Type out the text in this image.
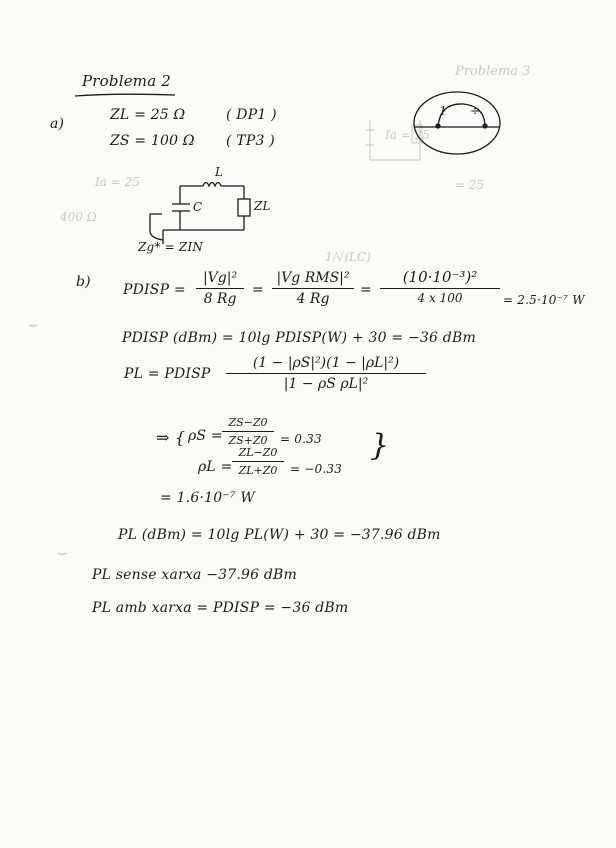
Problema 3
Ia = 25
Ia = 25	= 25
400 Ω
1/√(LC)
Problema 2
a)
ZL = 25 Ω	( DP1 )
ZS = 100 Ω ( TP3 )
1 ÷
L
C	ZL
Zg* = ZIN
b) PDISP =
|Vg|²
8 Rg
=
|Vg RMS|²
4 Rg
=
(10·10⁻³)²
4 x 100	= 2.5·10⁻⁷ W
PDISP (dBm) = 10lg PDISP(W) + 30 = −36 dBm
PL = PDISP
(1 − |ρS|²)(1 − |ρL|²)
|1 − ρS ρL|²
⇒ { ρS =
ZS−Z0
ZS+Z0	= 0.33
ρL =
ZL−Z0
ZL+Z0	= −0.33
}
= 1.6·10⁻⁷ W
PL (dBm) = 10lg PL(W) + 30 = −37.96 dBm
PL sense xarxa −37.96 dBm
PL amb xarxa = PDISP = −36 dBm
